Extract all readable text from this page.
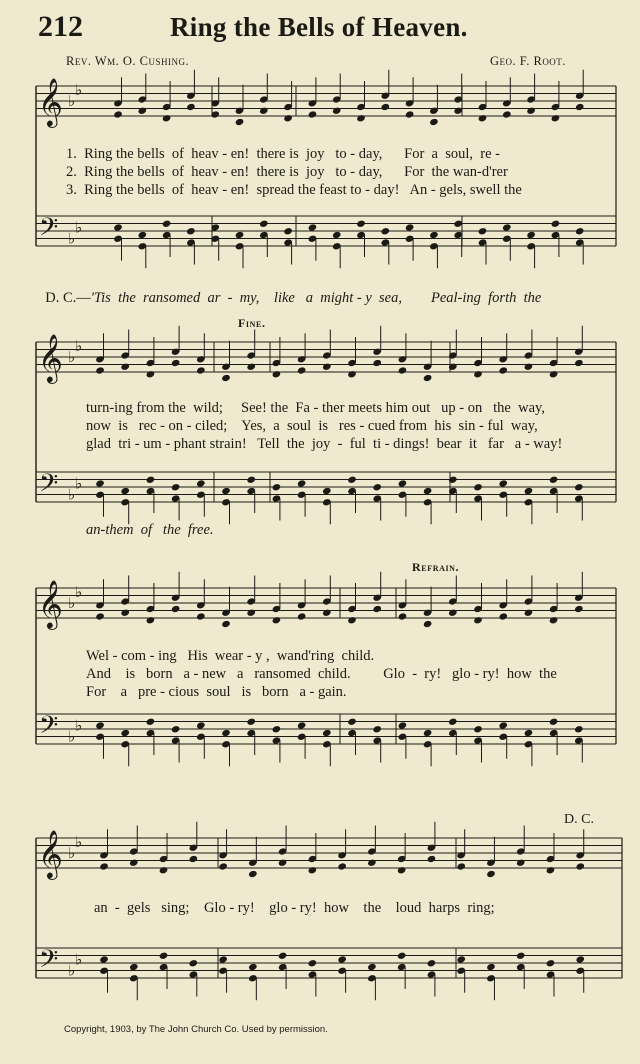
212	Ring the Bells of Heaven.
Rev. Wm. O. Cushing.	Geo. F. Root.
𝄞
𝄢
♭
♭
♭
♭
1.  Ring the bells  of  heav - en!  there is  joy   to - day,      For  a  soul,  re -
2.  Ring the bells  of  heav - en!  there is  joy   to - day,      For  the wan-d'rer
3.  Ring the bells  of  heav - en!  spread the feast to - day!   An - gels, swell the

D. C.—'Tis  the  ransomed  ar  -  my,    like   a  might - y  sea,        Peal-ing  forth  the

Fine.
𝄞
𝄢
♭
♭
♭
♭
turn-ing from the  wild;     See! the  Fa - ther meets him out   up - on   the  way,
now  is   rec - on - ciled;    Yes,  a  soul  is   res - cued from  his  sin - ful  way,
glad  tri - um - phant strain!   Tell  the  joy  -  ful  ti - dings!  bear  it   far   a - way!
an-them  of   the  free.
Refrain.
𝄞
𝄢
♭
♭
♭
♭
Wel - com - ing   His  wear - y ,  wand'ring  child.
And    is   born   a - new   a   ransomed  child.         Glo  -  ry!   glo - ry!  how  the
For    a   pre - cious  soul   is   born   a - gain.
D. C.
𝄞
𝄢
♭
♭
♭
♭
an  -  gels   sing;    Glo - ry!    glo - ry!  how    the    loud  harps  ring;
Copyright, 1903, by The John Church Co. Used by permission.
